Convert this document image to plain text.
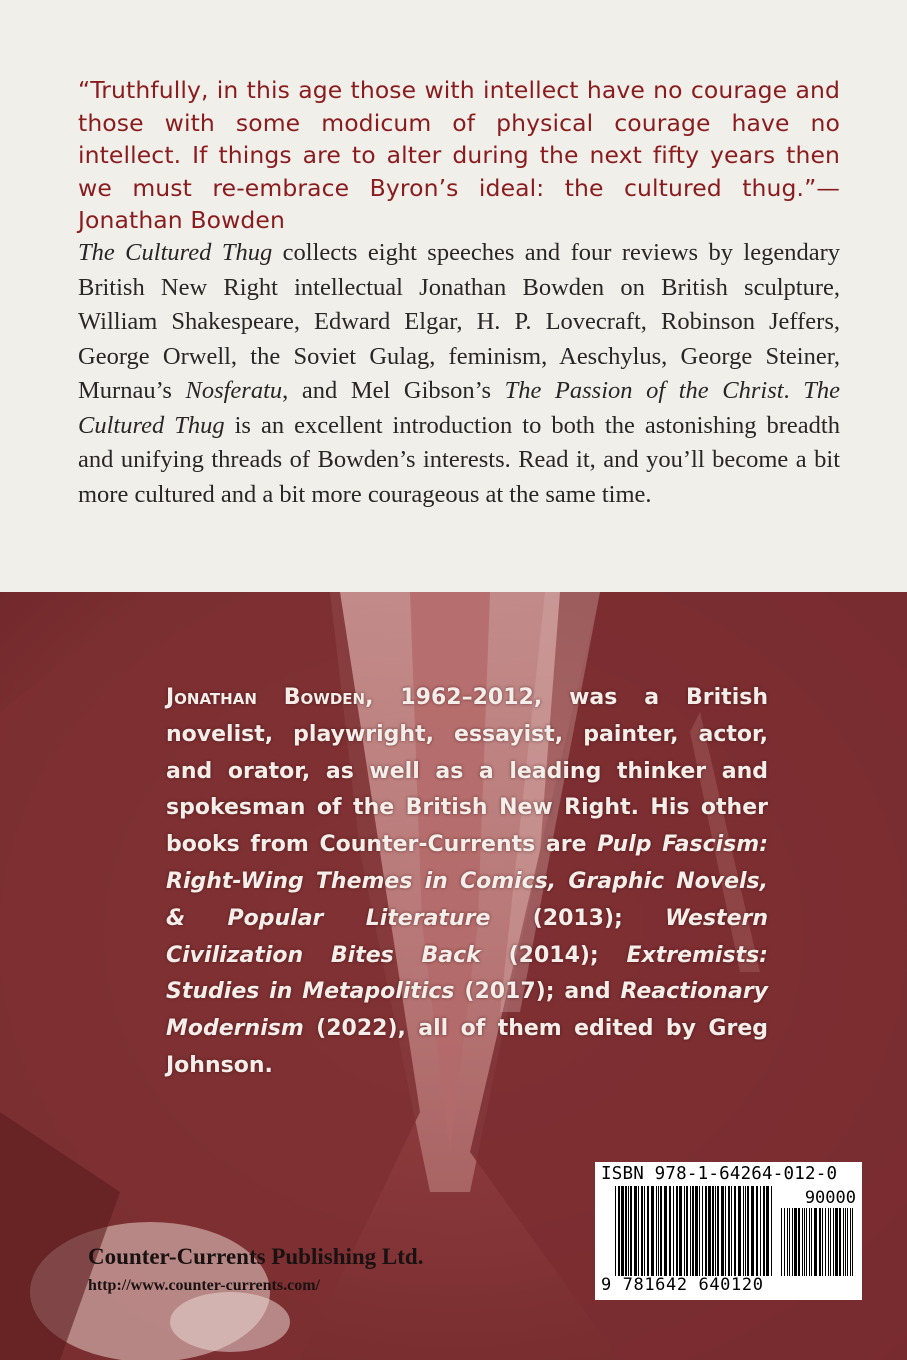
“Truthfully, in this age those with intellect have no courage and those with some modicum of physical courage have no intellect. If things are to alter during the next fifty years then we must re-embrace Byron’s ideal: the cultured thug.”—Jonathan Bowden

The Cultured Thug collects eight speeches and four reviews by legendary British New Right intellectual Jonathan Bowden on British sculpture, William Shakespeare, Edward Elgar, H. P. Lovecraft, Robinson Jeffers, George Orwell, the Soviet Gulag, feminism, Aeschylus, George Steiner, Murnau’s Nosferatu, and Mel Gibson’s The Passion of the Christ. The Cultured Thug is an excellent introduction to both the astonishing breadth and unifying threads of Bowden’s interests. Read it, and you’ll become a bit more cultured and a bit more courageous at the same time.

Jonathan Bowden, 1962–2012, was a British novelist, playwright, essayist, painter, actor, and orator, as well as a leading thinker and spokesman of the British New Right. His other books from Counter-Currents are Pulp Fascism: Right-Wing Themes in Comics, Graphic Novels, & Popular Literature (2013); Western Civilization Bites Back (2014); Extremists: Studies in Metapolitics (2017); and Reactionary Modernism (2022), all of them edited by Greg Johnson.

ISBN 978-1-64264-012-0
90000
9 781642 640120
Counter-Currents Publishing Ltd.
http://www.counter-currents.com/
